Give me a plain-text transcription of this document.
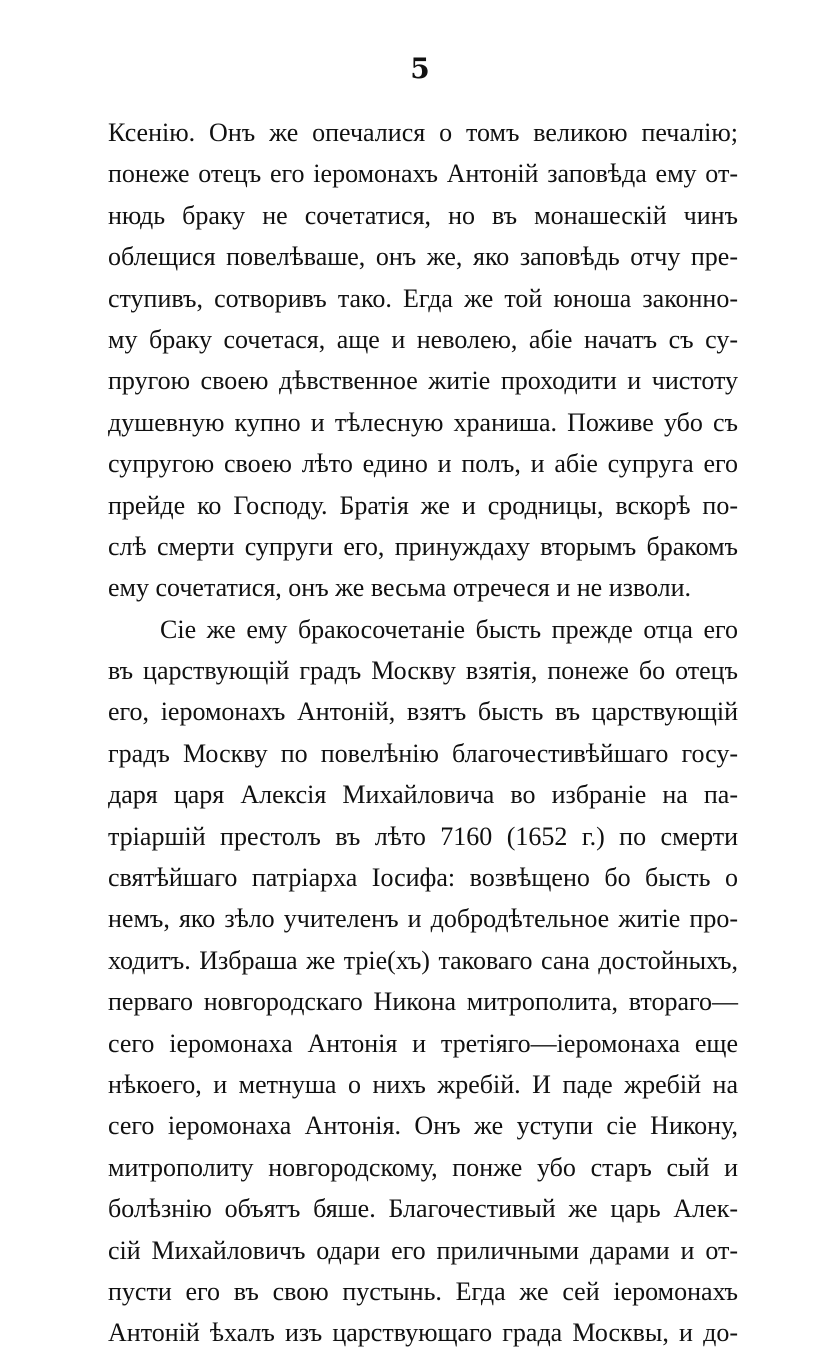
5
Ксенію. Онъ же опечалися о томъ великою печалію;
понеже отецъ его іеромонахъ Антоній заповѣда ему от-
нюдь браку не сочетатися, но въ монашескій чинъ
облещися повелѣваше, онъ же, яко заповѣдь отчу пре-
ступивъ, сотворивъ тако. Егда же той юноша законно-
му браку сочетася, аще и неволею, абіе начатъ съ су-
пругою своею дѣвственное житіе проходити и чистоту
душевную купно и тѣлесную храниша. Поживе убо съ
супругою своею лѣто едино и полъ, и абіе супруга его
прейде ко Господу. Братія же и сродницы, вскорѣ по-
слѣ смерти супруги его, принуждаху вторымъ бракомъ
ему сочетатися, онъ же весьма отречеся и не изволи.
Сіе же ему бракосочетаніе бысть прежде отца его
въ царствующій градъ Москву взятія, понеже бо отецъ
его, іеромонахъ Антоній, взятъ бысть въ царствующій
градъ Москву по повелѣнію благочестивѣйшаго госу-
даря царя Алексія Михайловича во избраніе на па-
тріаршій престолъ въ лѣто 7160 (1652 г.) по смерти
святѣйшаго патріарха Іосифа: возвѣщено бо бысть о
немъ, яко зѣло учителенъ и добродѣтельное житіе про-
ходитъ. Избраша же тріе(хъ) таковаго сана достойныхъ,
перваго новгородскаго Никона митрополита, втораго—
сего іеромонаха Антонія и третіяго—іеромонаха еще
нѣкоего, и метнуша о нихъ жребій. И паде жребій на
сего іеромонаха Антонія. Онъ же уступи сіе Никону,
митрополиту новгородскому, понже убо старъ сый и
болѣзнію объятъ бяше. Благочестивый же царь Алек-
сій Михайловичъ одари его приличными дарами и от-
пусти его въ свою пустынь. Егда же сей іеромонахъ
Антоній ѣхалъ изъ царствующаго града Москвы, и до-
